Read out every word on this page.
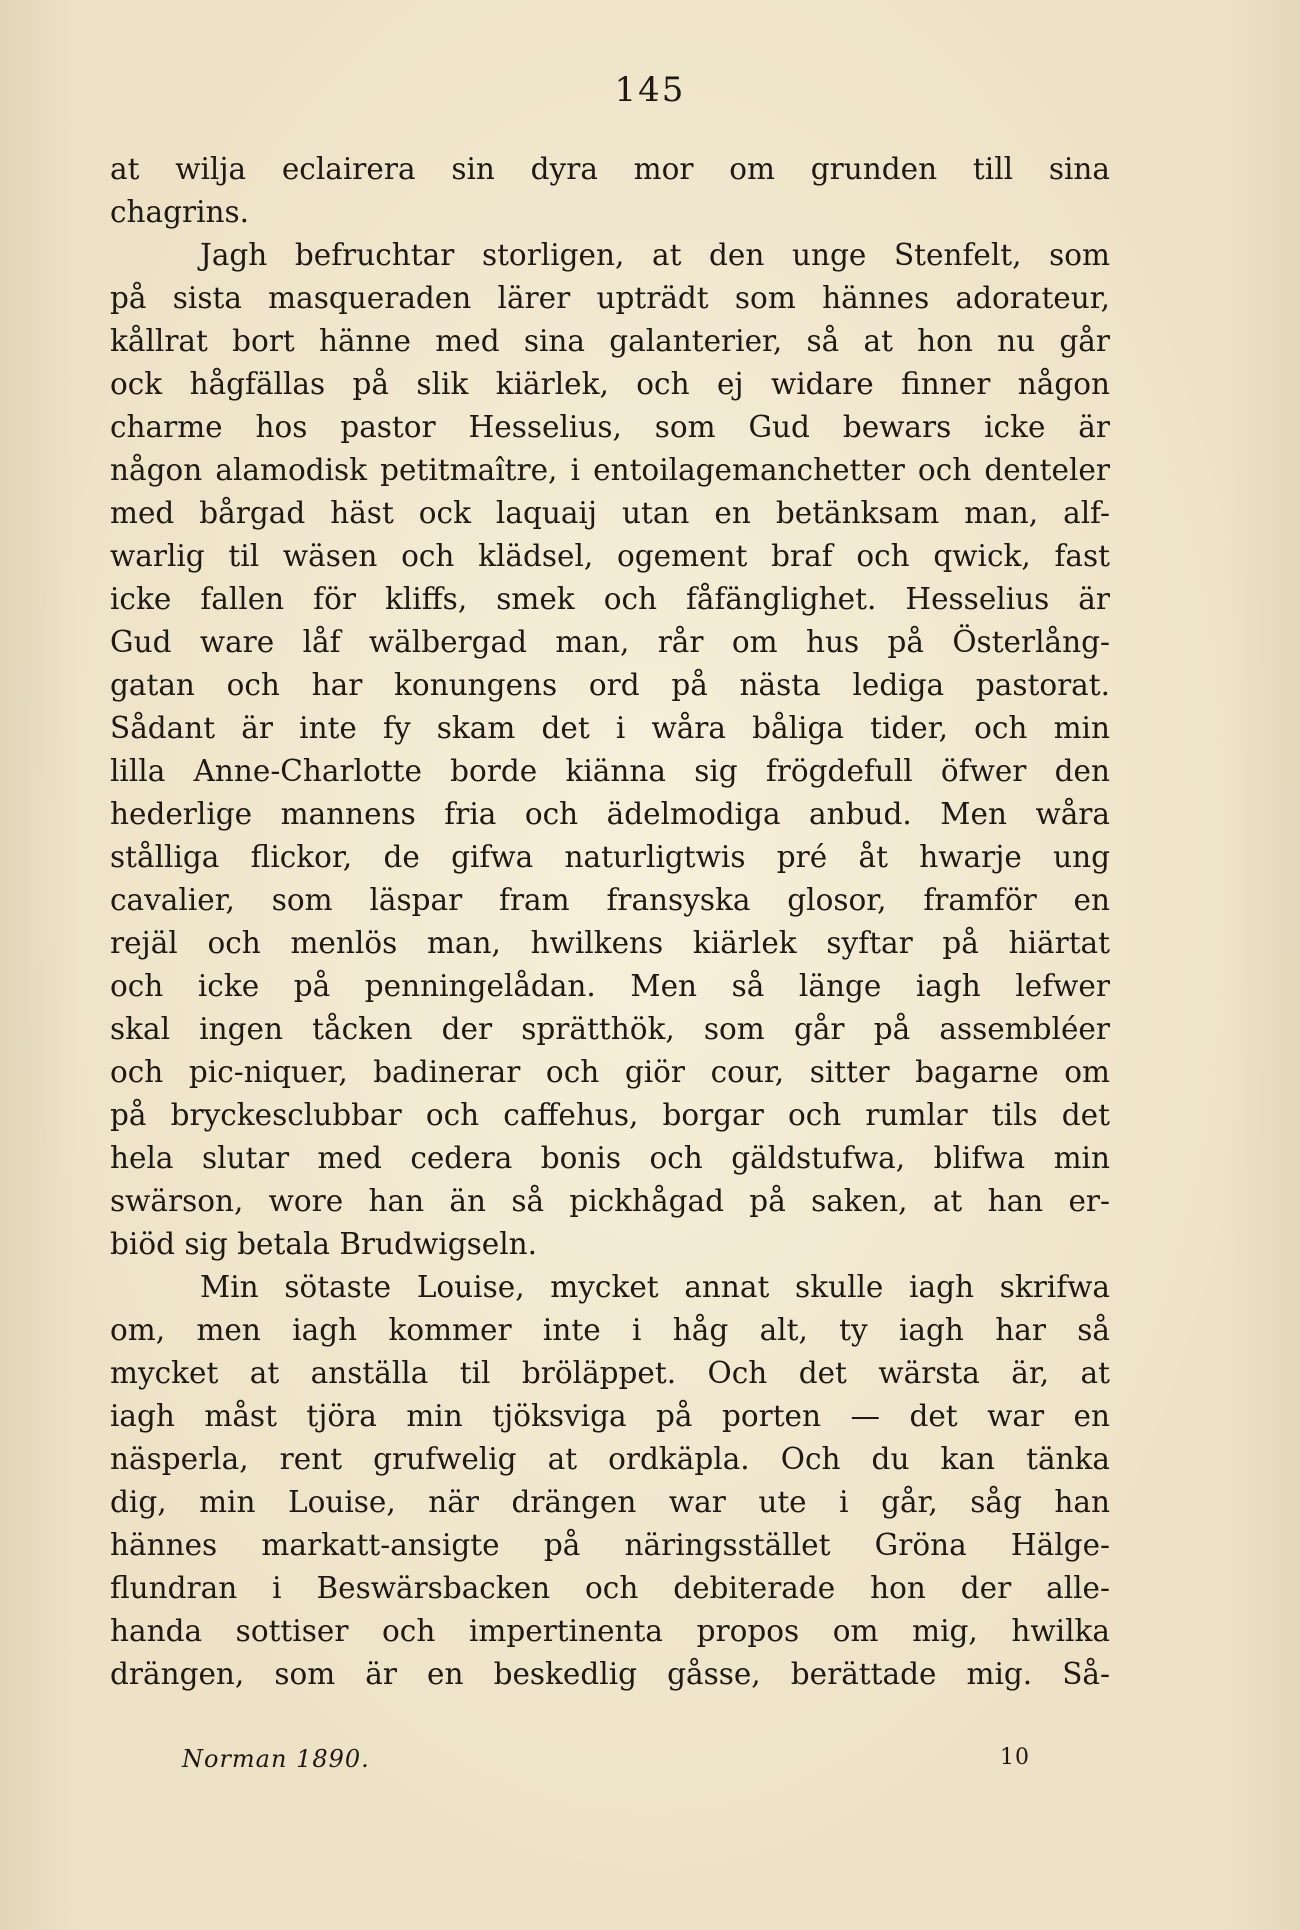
145
at wilja eclairera sin dyra mor om grunden till sina
chagrins.
Jagh befruchtar storligen, at den unge Stenfelt, som
på sista masqueraden lärer upträdt som hännes adorateur,
kållrat bort hänne med sina galanterier, så at hon nu går
ock hågfällas på slik kiärlek, och ej widare finner någon
charme hos pastor Hesselius, som Gud bewars icke är
någon alamodisk petitmaître, i entoilagemanchetter och denteler
med bårgad häst ock laquaij utan en betänksam man, alf-
warlig til wäsen och klädsel, ogement braf och qwick, fast
icke fallen för kliffs, smek och fåfänglighet. Hesselius är
Gud ware låf wälbergad man, rår om hus på Österlång-
gatan och har konungens ord på nästa lediga pastorat.
Sådant är inte fy skam det i wåra båliga tider, och min
lilla Anne-Charlotte borde kiänna sig frögdefull öfwer den
hederlige mannens fria och ädelmodiga anbud. Men wåra
stålliga flickor, de gifwa naturligtwis pré åt hwarje ung
cavalier, som läspar fram fransyska glosor, framför en
rejäl och menlös man, hwilkens kiärlek syftar på hiärtat
och icke på penningelådan. Men så länge iagh lefwer
skal ingen tåcken der sprätthök, som går på assembléer
och pic-niquer, badinerar och giör cour, sitter bagarne om
på bryckesclubbar och caffehus, borgar och rumlar tils det
hela slutar med cedera bonis och gäldstufwa, blifwa min
swärson, wore han än så pickhågad på saken, at han er-
biöd sig betala Brudwigseln.
Min sötaste Louise, mycket annat skulle iagh skrifwa
om, men iagh kommer inte i håg alt, ty iagh har så
mycket at anställa til bröläppet. Och det wärsta är, at
iagh måst tjöra min tjöksviga på porten — det war en
näsperla, rent grufwelig at ordkäpla. Och du kan tänka
dig, min Louise, när drängen war ute i går, såg han
hännes markatt-ansigte på näringsstället Gröna Hälge-
flundran i Beswärsbacken och debiterade hon der alle-
handa sottiser och impertinenta propos om mig, hwilka
drängen, som är en beskedlig gåsse, berättade mig. Så-
Norman 1890.	10
